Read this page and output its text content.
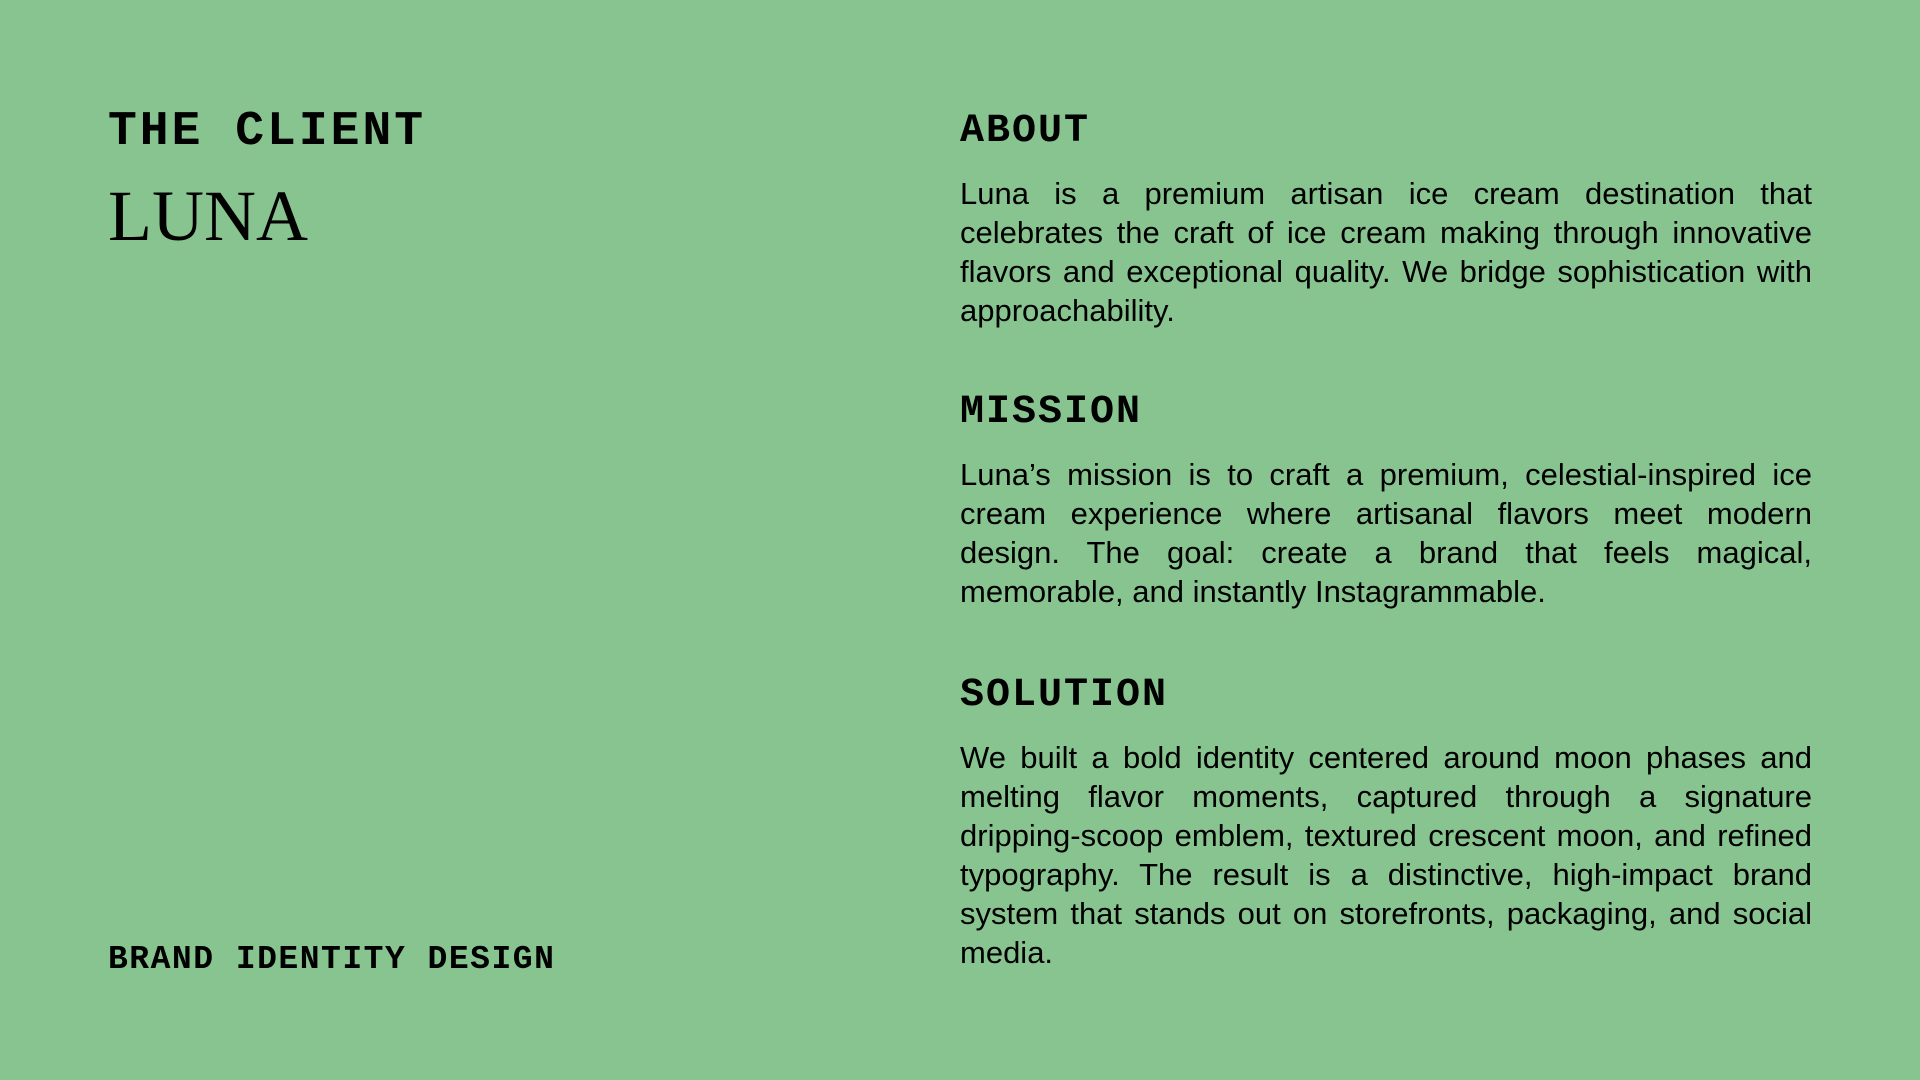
THE CLIENT
LUNA

BRAND IDENTITY DESIGN

ABOUT

Luna is a premium artisan ice cream destination that celebrates the craft of ice cream making through innovative flavors and exceptional quality. We bridge sophistication with approachability.

MISSION

Luna’s mission is to craft a premium, celestial-inspired ice cream experience where artisanal flavors meet modern design. The goal: create a brand that feels magical, memorable, and instantly Instagrammable.

SOLUTION

We built a bold identity centered around moon phases and melting flavor moments, captured through a signature dripping-scoop emblem, textured crescent moon, and refined typography. The result is a distinctive, high-impact brand system that stands out on storefronts, packaging, and social media.
